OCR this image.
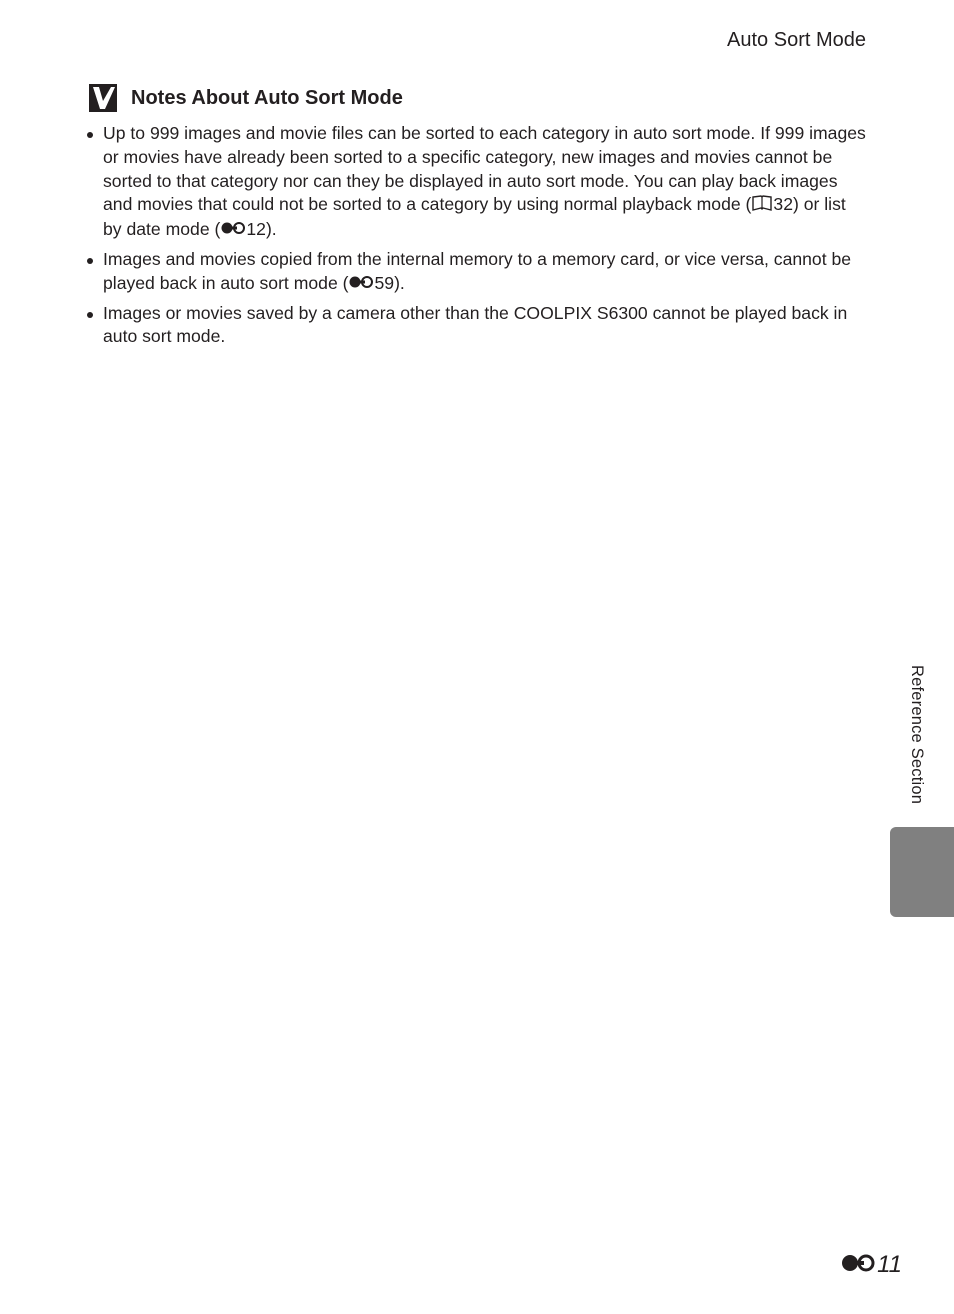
Auto Sort Mode
Notes About Auto Sort Mode
Up to 999 images and movie files can be sorted to each category in auto sort mode. If 999 images or movies have already been sorted to a specific category, new images and movies cannot be sorted to that category nor can they be displayed in auto sort mode. You can play back images and movies that could not be sorted to a category by using normal playback mode ( 32) or list by date mode ( 12).
Images and movies copied from the internal memory to a memory card, or vice versa, cannot be played back in auto sort mode ( 59).
Images or movies saved by a camera other than the COOLPIX S6300 cannot be played back in auto sort mode.
Reference Section
11
